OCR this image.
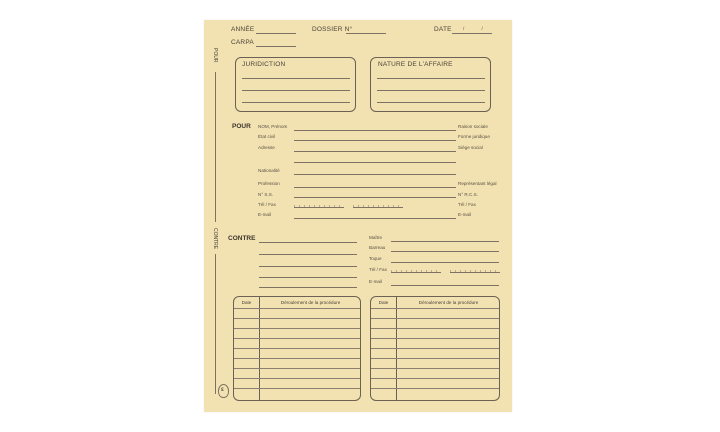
ANNÉE	DOSSIER N°	DATE / /
CARPA
POUR
CONTRE
JURIDICTION	NATURE DE L'AFFAIRE
POUR NOM, Prénom
État civil
Adresse
Nationalité
Profession
N° S.S.
Tél / Fax
E-mail
Raison sociale
Forme juridique
Siège social
Représentant légal
N° R.C.S.
Tél / Fax
E-mail
CONTRE	Maître
Barreau
Toque
Tél / Fax
E-mail
Date	Déroulement de la procédure	Date	Déroulement de la procédure
ε
